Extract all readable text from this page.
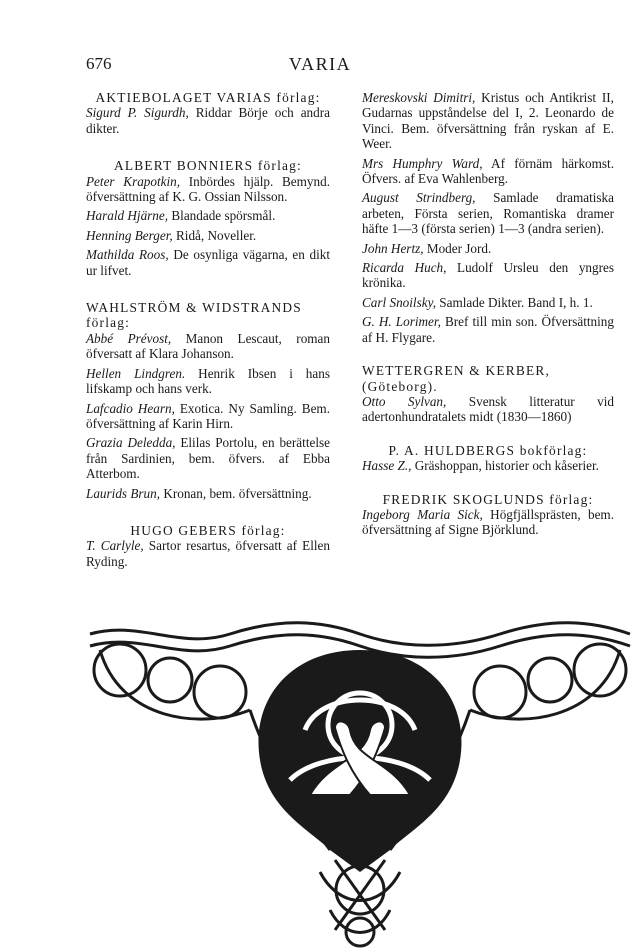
676	VARIA

AKTIEBOLAGET VARIAS förlag:

Sigurd P. Sigurdh, Riddar Börje och andra dikter.

ALBERT BONNIERS förlag:

Peter Krapotkin, Inbördes hjälp. Bemynd. öfversättning af K. G. Ossian Nilsson.

Harald Hjärne, Blandade spörsmål.

Henning Berger, Ridå, Noveller.

Mathilda Roos, De osynliga vägarna, en dikt ur lifvet.

WAHLSTRÖM & WIDSTRANDS förlag:

Abbé Prévost, Manon Lescaut, roman öfversatt af Klara Johanson.

Hellen Lindgren. Henrik Ibsen i hans lifskamp och hans verk.

Lafcadio Hearn, Exotica. Ny Samling. Bem. öfversättning af Karin Hirn.

Grazia Deledda, Elilas Portolu, en berättelse från Sardinien, bem. öfvers. af Ebba Atterbom.

Laurids Brun, Kronan, bem. öfversättning.

HUGO GEBERS förlag:

T. Carlyle, Sartor resartus, öfversatt af Ellen Ryding.

Mereskovski Dimitri, Kristus och Antikrist II, Gudarnas uppståndelse del I, 2. Leonardo de Vinci. Bem. öfversättning från ryskan af E. Weer.

Mrs Humphry Ward, Af förnäm härkomst. Öfvers. af Eva Wahlenberg.

August Strindberg, Samlade dramatiska arbeten, Första serien, Romantiska dramer häfte 1—3 (första serien) 1—3 (andra serien).

John Hertz, Moder Jord.

Ricarda Huch, Ludolf Ursleu den yngres krönika.

Carl Snoilsky, Samlade Dikter. Band I, h. 1.

G. H. Lorimer, Bref till min son. Öfversättning af H. Flygare.

WETTERGREN & KERBER, (Göteborg).

Otto Sylvan, Svensk litteratur vid adertonhundratalets midt (1830—1860)

P. A. HULDBERGS bokförlag:

Hasse Z., Gräshoppan, historier och kåserier.

FREDRIK SKOGLUNDS förlag:

Ingeborg Maria Sick, Högfjällsprästen, bem. öfversättning af Signe Björklund.
